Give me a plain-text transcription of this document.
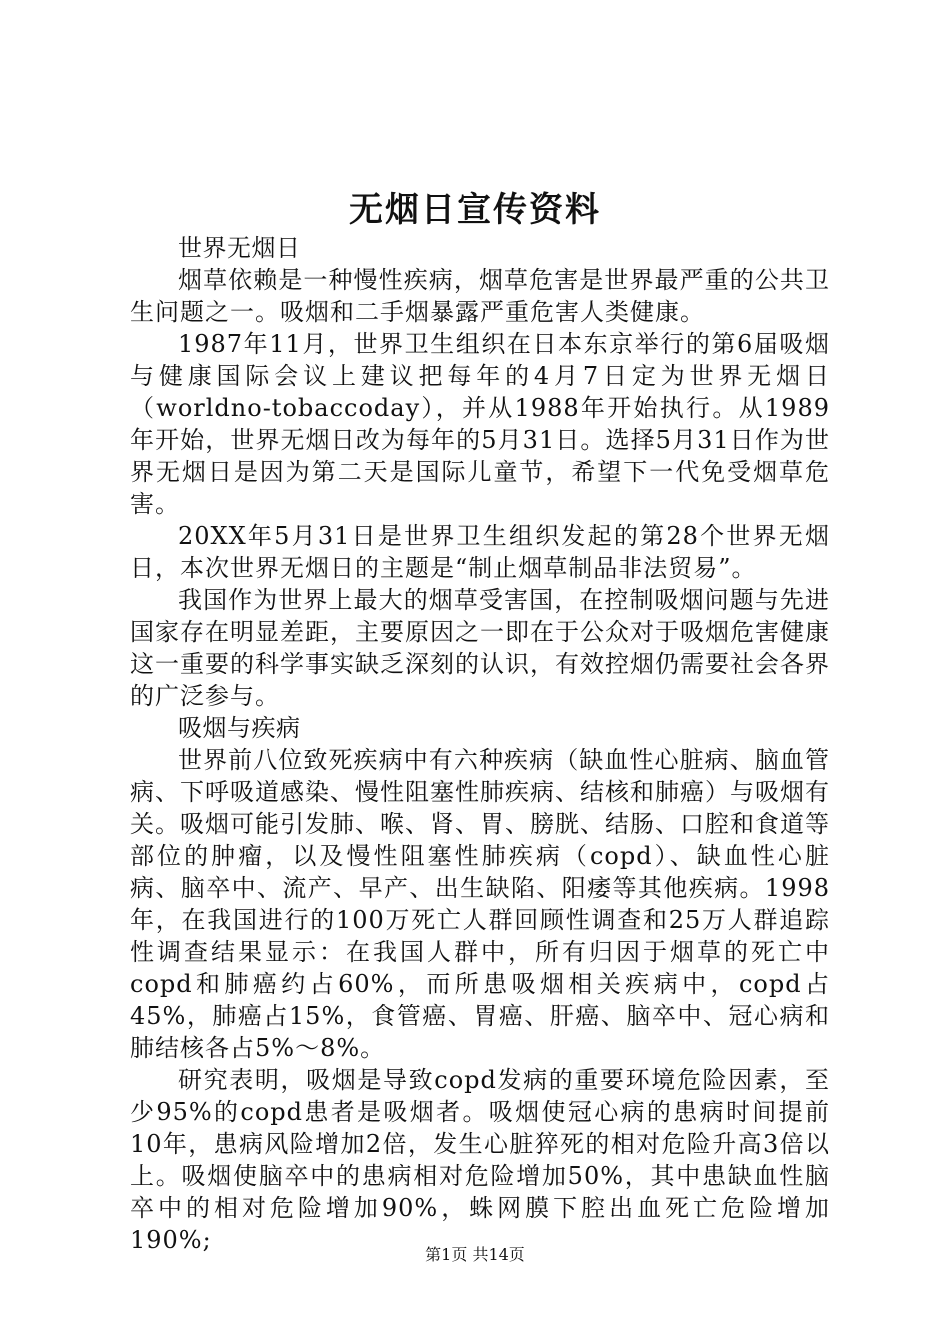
无烟日宣传资料

世界无烟日

烟草依赖是一种慢性疾病，烟草危害是世界最严重的公共卫生问题之一。吸烟和二手烟暴露严重危害人类健康。

1987年11月，世界卫生组织在日本东京举行的第6届吸烟与健康国际会议上建议把每年的4月7日定为世界无烟日（worldno-tobaccoday），并从1988年开始执行。从1989年开始，世界无烟日改为每年的5月31日。选择5月31日作为世界无烟日是因为第二天是国际儿童节，希望下一代免受烟草危害。

20XX年5月31日是世界卫生组织发起的第28个世界无烟日，本次世界无烟日的主题是“制止烟草制品非法贸易”。

我国作为世界上最大的烟草受害国，在控制吸烟问题与先进国家存在明显差距，主要原因之一即在于公众对于吸烟危害健康这一重要的科学事实缺乏深刻的认识，有效控烟仍需要社会各界的广泛参与。

吸烟与疾病

世界前八位致死疾病中有六种疾病（缺血性心脏病、脑血管病、下呼吸道感染、慢性阻塞性肺疾病、结核和肺癌）与吸烟有关。吸烟可能引发肺、喉、肾、胃、膀胱、结肠、口腔和食道等部位的肿瘤，以及慢性阻塞性肺疾病（copd）、缺血性心脏病、脑卒中、流产、早产、出生缺陷、阳痿等其他疾病。1998年，在我国进行的100万死亡人群回顾性调查和25万人群追踪性调查结果显示：在我国人群中，所有归因于烟草的死亡中copd和肺癌约占60%，而所患吸烟相关疾病中，copd占45%，肺癌占15%，食管癌、胃癌、肝癌、脑卒中、冠心病和肺结核各占5%～8%。

研究表明，吸烟是导致copd发病的重要环境危险因素，至少95%的copd患者是吸烟者。吸烟使冠心病的患病时间提前10年，患病风险增加2倍，发生心脏猝死的相对危险升高3倍以上。吸烟使脑卒中的患病相对危险增加50%，其中患缺血性脑卒中的相对危险增加90%，蛛网膜下腔出血死亡危险增加190%;

第1页 共14页
